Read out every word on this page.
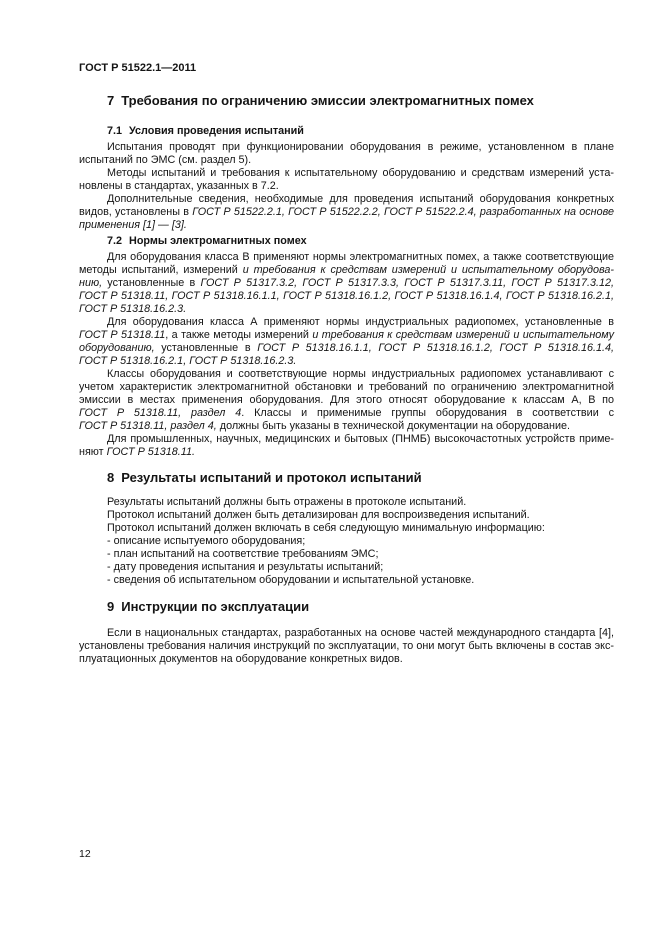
ГОСТ Р 51522.1—2011
7 Требования по ограничению эмиссии электромагнитных помех
7.1 Условия проведения испытаний
Испытания проводят при функционировании оборудования в режиме, установленном в плане
испытаний по ЭМС (см. раздел 5).
Методы испытаний и требования к испытательному оборудованию и средствам измерений уста-
новлены в стандартах, указанных в 7.2.
Дополнительные сведения, необходимые для проведения испытаний оборудования конкретных
видов, установлены в ГОСТ Р 51522.2.1, ГОСТ Р 51522.2.2, ГОСТ Р 51522.2.4, разработанных на основе
применения [1] — [3].
7.2 Нормы электромагнитных помех
Для оборудования класса В применяют нормы электромагнитных помех, а также соответствующие
методы испытаний, измерений и требования к средствам измерений и испытательному оборудова-
нию, установленные в ГОСТ Р 51317.3.2, ГОСТ Р 51317.3.3, ГОСТ Р 51317.3.11, ГОСТ Р 51317.3.12,
ГОСТ Р 51318.11, ГОСТ Р 51318.16.1.1, ГОСТ Р 51318.16.1.2, ГОСТ Р 51318.16.1.4, ГОСТ Р 51318.16.2.1,
ГОСТ Р 51318.16.2.3.
Для оборудования класса А применяют нормы индустриальных радиопомех, установленные в
ГОСТ Р 51318.11, а также методы измерений и требования к средствам измерений и испытательному
оборудованию, установленные в ГОСТ Р 51318.16.1.1, ГОСТ Р 51318.16.1.2, ГОСТ Р 51318.16.1.4,
ГОСТ Р 51318.16.2.1, ГОСТ Р 51318.16.2.3.
Классы оборудования и соответствующие нормы индустриальных радиопомех устанавливают с
учетом характеристик электромагнитной обстановки и требований по ограничению электромагнитной
эмиссии в местах применения оборудования. Для этого относят оборудование к классам А, В по
ГОСТ Р 51318.11, раздел 4. Классы и применимые группы оборудования в соответствии с
ГОСТ Р 51318.11, раздел 4, должны быть указаны в технической документации на оборудование.
Для промышленных, научных, медицинских и бытовых (ПНМБ) высокочастотных устройств приме-
няют ГОСТ Р 51318.11.
8 Результаты испытаний и протокол испытаний
Результаты испытаний должны быть отражены в протоколе испытаний.
Протокол испытаний должен быть детализирован для воспроизведения испытаний.
Протокол испытаний должен включать в себя следующую минимальную информацию:
- описание испытуемого оборудования;
- план испытаний на соответствие требованиям ЭМС;
- дату проведения испытания и результаты испытаний;
- сведения об испытательном оборудовании и испытательной установке.
9 Инструкции по эксплуатации
Если в национальных стандартах, разработанных на основе частей международного стандарта [4],
установлены требования наличия инструкций по эксплуатации, то они могут быть включены в состав экс-
плуатационных документов на оборудование конкретных видов.
12
